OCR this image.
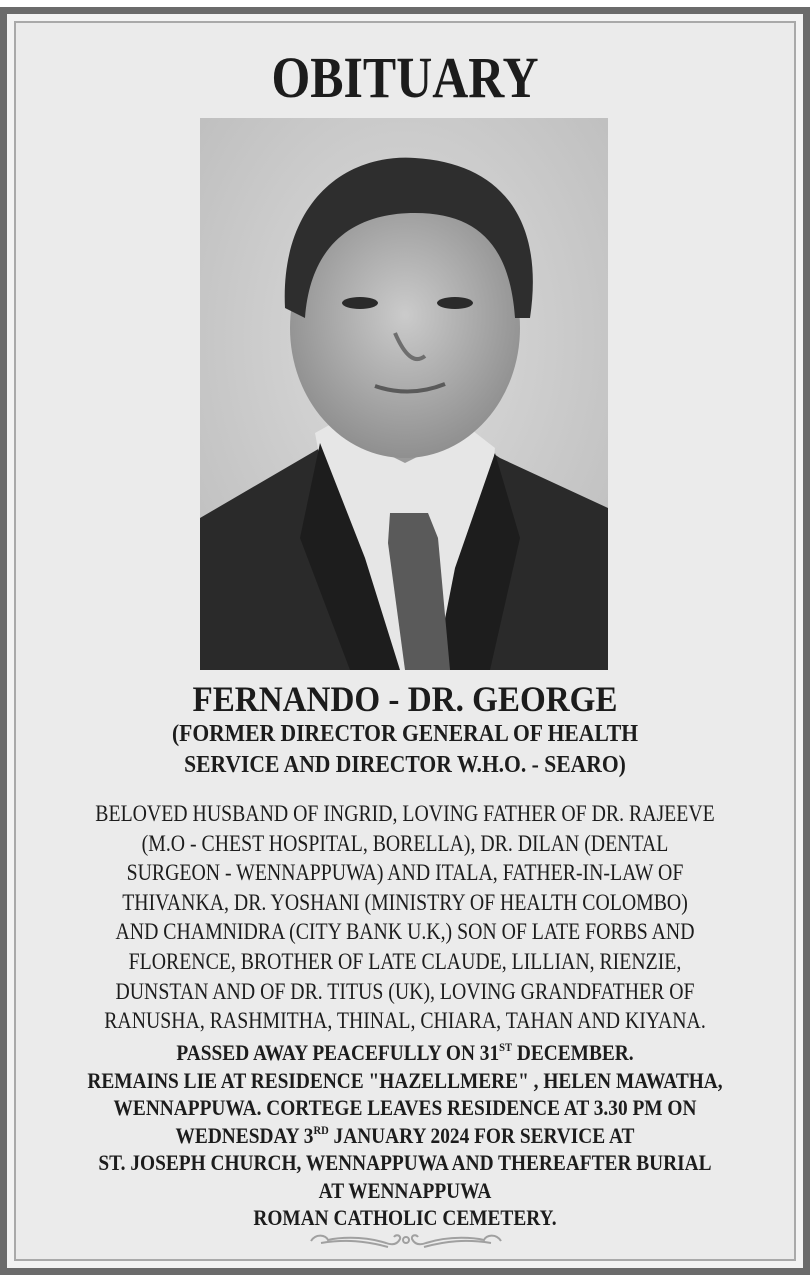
OBITUARY
FERNANDO - DR. GEORGE
(FORMER DIRECTOR GENERAL OF HEALTH
SERVICE AND DIRECTOR W.H.O. - SEARO)
BELOVED HUSBAND OF INGRID, LOVING FATHER OF DR. RAJEEVE
(M.O - CHEST HOSPITAL, BORELLA), DR. DILAN (DENTAL
SURGEON - WENNAPPUWA) AND ITALA, FATHER-IN-LAW OF
THIVANKA, DR. YOSHANI (MINISTRY OF HEALTH COLOMBO)
AND CHAMNIDRA (CITY BANK U.K,) SON OF LATE FORBS AND
FLORENCE, BROTHER OF LATE CLAUDE, LILLIAN, RIENZIE,
DUNSTAN AND OF DR. TITUS (UK), LOVING GRANDFATHER OF
RANUSHA, RASHMITHA, THINAL, CHIARA, TAHAN AND KIYANA.
PASSED AWAY PEACEFULLY ON 31ST DECEMBER.
REMAINS LIE AT RESIDENCE "HAZELLMERE" , HELEN MAWATHA,
WENNAPPUWA. CORTEGE LEAVES RESIDENCE AT 3.30 PM ON
WEDNESDAY 3RD JANUARY 2024 FOR SERVICE AT
ST. JOSEPH CHURCH, WENNAPPUWA AND THEREAFTER BURIAL
AT WENNAPPUWA
ROMAN CATHOLIC CEMETERY.
